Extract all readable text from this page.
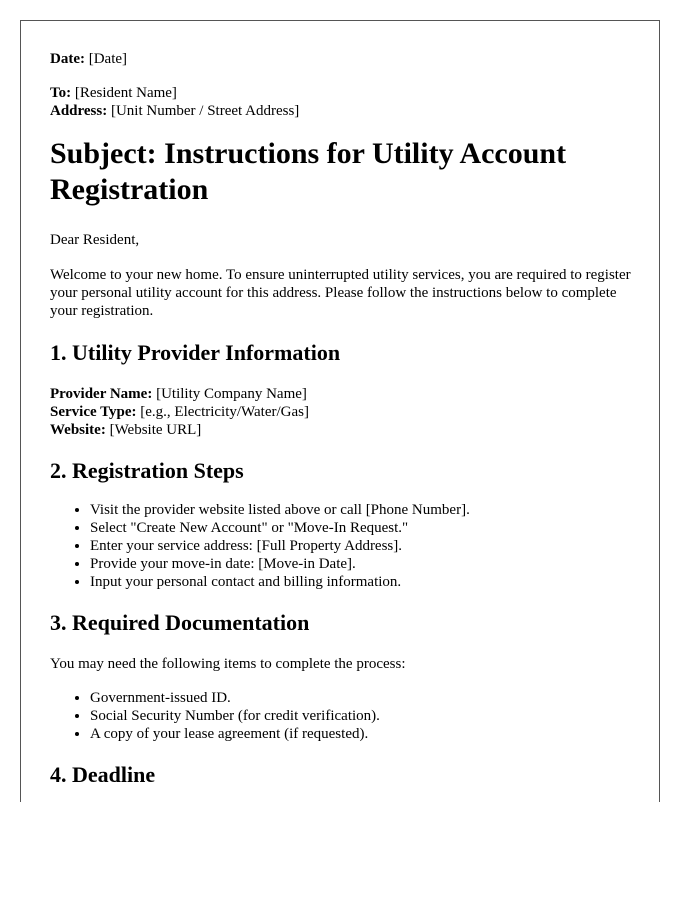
Date: [Date]

To: [Resident Name]

Address: [Unit Number / Street Address]

Subject: Instructions for Utility Account Registration

Dear Resident,

Welcome to your new home. To ensure uninterrupted utility services, you are required to register your personal utility account for this address. Please follow the instructions below to complete your registration.

1. Utility Provider Information

Provider Name: [Utility Company Name]

Service Type: [e.g., Electricity/Water/Gas]

Website: [Website URL]

2. Registration Steps
• Visit the provider website listed above or call [Phone Number].
• Select "Create New Account" or "Move-In Request."
• Enter your service address: [Full Property Address].
• Provide your move-in date: [Move-in Date].
• Input your personal contact and billing information.
3. Required Documentation

You may need the following items to complete the process:

• Government-issued ID.
• Social Security Number (for credit verification).
• A copy of your lease agreement (if requested).
4. Deadline
